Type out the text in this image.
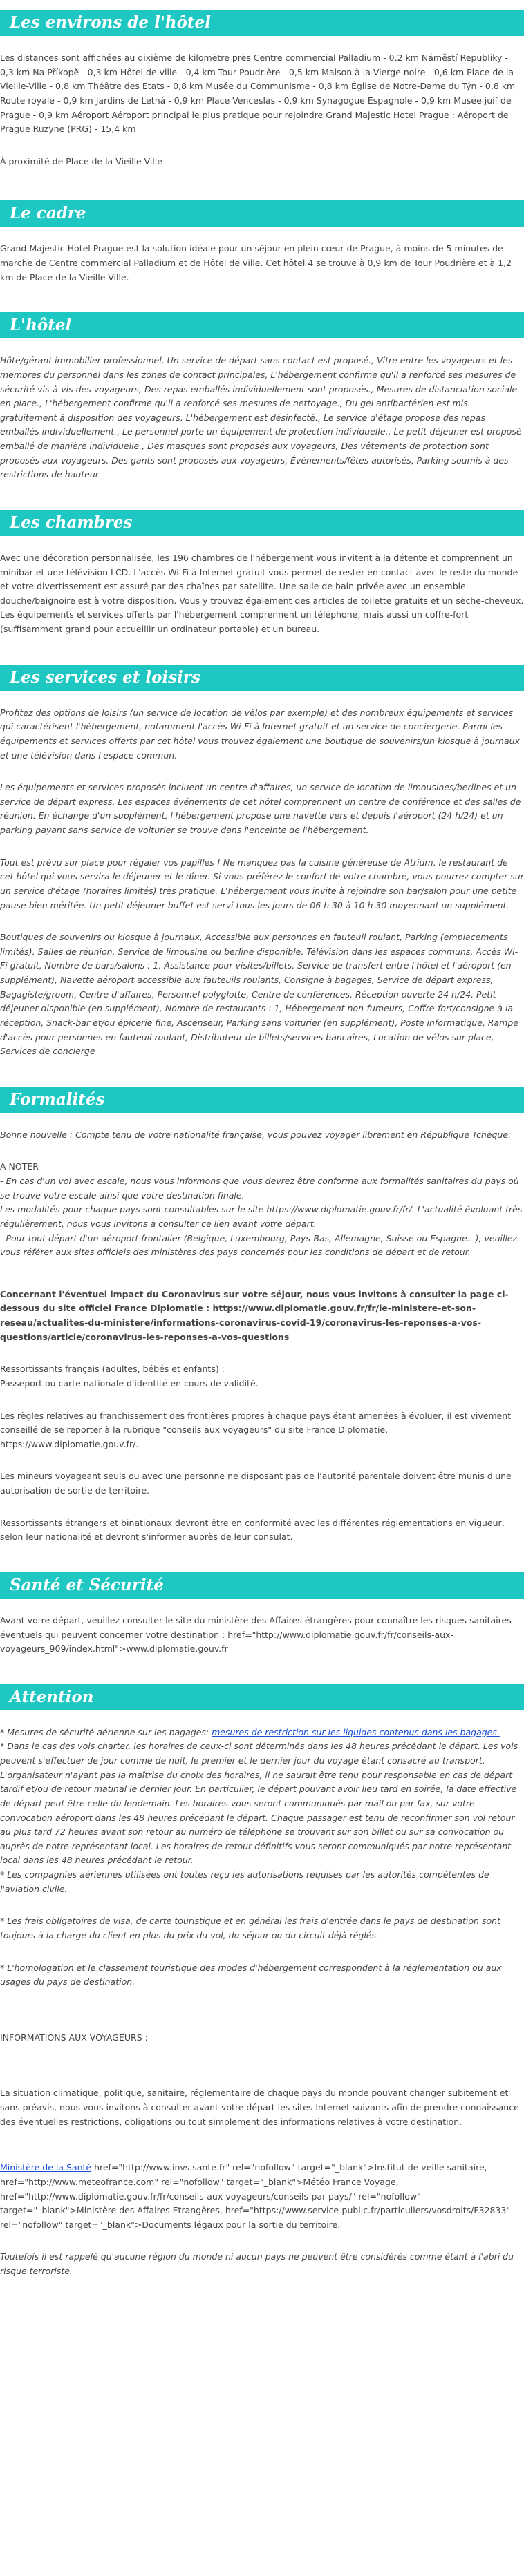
Les environs de l'hôtel
Les distances sont affichées au dixième de kilomètre près Centre commercial Palladium - 0,2 km Náměstí Republiky - 0,3 km Na Příkopě - 0,3 km Hôtel de ville - 0,4 km Tour Poudrière - 0,5 km Maison à la Vierge noire - 0,6 km Place de la Vieille-Ville - 0,8 km Théâtre des Etats - 0,8 km Musée du Communisme - 0,8 km Église de Notre-Dame du Týn - 0,8 km Route royale - 0,9 km Jardins de Letná - 0,9 km Place Venceslas - 0,9 km Synagogue Espagnole - 0,9 km Musée juif de Prague - 0,9 km Aéroport Aéroport principal le plus pratique pour rejoindre Grand Majestic Hotel Prague : Aéroport de Prague Ruzyne (PRG) - 15,4 km
À proximité de Place de la Vieille-Ville
Le cadre
Grand Majestic Hotel Prague est la solution idéale pour un séjour en plein cœur de Prague, à moins de 5 minutes de marche de Centre commercial Palladium et de Hôtel de ville. Cet hôtel 4 se trouve à 0,9 km de Tour Poudrière et à 1,2 km de Place de la Vieille-Ville.
L'hôtel
Hôte/gérant immobilier professionnel, Un service de départ sans contact est proposé., Vitre entre les voyageurs et les membres du personnel dans les zones de contact principales, L'hébergement confirme qu'il a renforcé ses mesures de sécurité vis-à-vis des voyageurs, Des repas emballés individuellement sont proposés., Mesures de distanciation sociale en place., L'hébergement confirme qu'il a renforcé ses mesures de nettoyage., Du gel antibactérien est mis gratuitement à disposition des voyageurs, L'hébergement est désinfecté., Le service d'étage propose des repas emballés individuellement., Le personnel porte un équipement de protection individuelle., Le petit-déjeuner est proposé emballé de manière individuelle., Des masques sont proposés aux voyageurs, Des vêtements de protection sont proposés aux voyageurs, Des gants sont proposés aux voyageurs, Événements/fêtes autorisés, Parking soumis à des restrictions de hauteur
Les chambres
Avec une décoration personnalisée, les 196 chambres de l'hébergement vous invitent à la détente et comprennent un minibar et une télévision LCD. L'accès Wi-Fi à Internet gratuit vous permet de rester en contact avec le reste du monde et votre divertissement est assuré par des chaînes par satellite. Une salle de bain privée avec un ensemble douche/baignoire est à votre disposition. Vous y trouvez également des articles de toilette gratuits et un sèche-cheveux. Les équipements et services offerts par l'hébergement comprennent un téléphone, mais aussi un coffre-fort (suffisamment grand pour accueillir un ordinateur portable) et un bureau.
Les services et loisirs
Profitez des options de loisirs (un service de location de vélos par exemple) et des nombreux équipements et services qui caractérisent l'hébergement, notamment l'accès Wi-Fi à Internet gratuit et un service de conciergerie. Parmi les équipements et services offerts par cet hôtel vous trouvez également une boutique de souvenirs/un kiosque à journaux et une télévision dans l'espace commun.
Les équipements et services proposés incluent un centre d'affaires, un service de location de limousines/berlines et un service de départ express. Les espaces événements de cet hôtel comprennent un centre de conférence et des salles de réunion. En échange d'un supplément, l'hébergement propose une navette vers et depuis l'aéroport (24 h/24) et un parking payant sans service de voiturier se trouve dans l'enceinte de l'hébergement.
Tout est prévu sur place pour régaler vos papilles ! Ne manquez pas la cuisine généreuse de Atrium, le restaurant de cet hôtel qui vous servira le déjeuner et le dîner. Si vous préférez le confort de votre chambre, vous pourrez compter sur un service d'étage (horaires limités) très pratique. L'hébergement vous invite à rejoindre son bar/salon pour une petite pause bien méritée. Un petit déjeuner buffet est servi tous les jours de 06 h 30 à 10 h 30 moyennant un supplément.
Boutiques de souvenirs ou kiosque à journaux, Accessible aux personnes en fauteuil roulant, Parking (emplacements limités), Salles de réunion, Service de limousine ou berline disponible, Télévision dans les espaces communs, Accès Wi-Fi gratuit, Nombre de bars/salons : 1, Assistance pour visites/billets, Service de transfert entre l'hôtel et l'aéroport (en supplément), Navette aéroport accessible aux fauteuils roulants, Consigne à bagages, Service de départ express, Bagagiste/groom, Centre d'affaires, Personnel polyglotte, Centre de conférences, Réception ouverte 24 h/24, Petit-déjeuner disponible (en supplément), Nombre de restaurants : 1, Hébergement non-fumeurs, Coffre-fort/consigne à la réception, Snack-bar et/ou épicerie fine, Ascenseur, Parking sans voiturier (en supplément), Poste informatique, Rampe d'accès pour personnes en fauteuil roulant, Distributeur de billets/services bancaires, Location de vélos sur place, Services de concierge
Formalités
Bonne nouvelle : Compte tenu de votre nationalité française, vous pouvez voyager librement en République Tchèque.
A NOTER
- En cas d'un vol avec escale, nous vous informons que vous devrez être conforme aux formalités sanitaires du pays où se trouve votre escale ainsi que votre destination finale.
Les modalités pour chaque pays sont consultables sur le site https://www.diplomatie.gouv.fr/fr/. L'actualité évoluant très régulièrement, nous vous invitons à consulter ce lien avant votre départ.
- Pour tout départ d'un aéroport frontalier (Belgique, Luxembourg, Pays-Bas, Allemagne, Suisse ou Espagne...), veuillez vous référer aux sites officiels des ministères des pays concernés pour les conditions de départ et de retour.
Concernant l'éventuel impact du Coronavirus sur votre séjour, nous vous invitons à consulter la page ci-dessous du site officiel France Diplomatie : https://www.diplomatie.gouv.fr/fr/le-ministere-et-son-reseau/actualites-du-ministere/informations-coronavirus-covid-19/coronavirus-les-reponses-a-vos-questions/article/coronavirus-les-reponses-a-vos-questions
Ressortissants français (adultes, bébés et enfants) :
Passeport ou carte nationale d'identité en cours de validité.
Les règles relatives au franchissement des frontières propres à chaque pays étant amenées à évoluer, il est vivement conseillé de se reporter à la rubrique "conseils aux voyageurs" du site France Diplomatie, https://www.diplomatie.gouv.fr/.
Les mineurs voyageant seuls ou avec une personne ne disposant pas de l'autorité parentale doivent être munis d'une autorisation de sortie de territoire.
Ressortissants étrangers et binationaux devront être en conformité avec les différentes réglementations en vigueur, selon leur nationalité et devront s'informer auprès de leur consulat.
Santé et Sécurité
Avant votre départ, veuillez consulter le site du ministère des Affaires étrangères pour connaître les risques sanitaires éventuels qui peuvent concerner votre destination : href="http://www.diplomatie.gouv.fr/fr/conseils-aux-voyageurs_909/index.html">www.diplomatie.gouv.fr
Attention
* Mesures de sécurité aérienne sur les bagages: mesures de restriction sur les liquides contenus dans les bagages.
* Dans le cas des vols charter, les horaires de ceux-ci sont déterminés dans les 48 heures précédant le départ. Les vols peuvent s'effectuer de jour comme de nuit, le premier et le dernier jour du voyage étant consacré au transport. L'organisateur n'ayant pas la maîtrise du choix des horaires, il ne saurait être tenu pour responsable en cas de départ tardif et/ou de retour matinal le dernier jour. En particulier, le départ pouvant avoir lieu tard en soirée, la date effective de départ peut être celle du lendemain. Les horaires vous seront communiqués par mail ou par fax, sur votre convocation aéroport dans les 48 heures précédant le départ. Chaque passager est tenu de reconfirmer son vol retour au plus tard 72 heures avant son retour au numéro de téléphone se trouvant sur son billet ou sur sa convocation ou auprès de notre représentant local. Les horaires de retour définitifs vous seront communiqués par notre représentant local dans les 48 heures précédant le retour.
* Les compagnies aériennes utilisées ont toutes reçu les autorisations requises par les autorités compétentes de l'aviation civile.
* Les frais obligatoires de visa, de carte touristique et en général les frais d'entrée dans le pays de destination sont toujours à la charge du client en plus du prix du vol, du séjour ou du circuit déjà réglés.
* L'homologation et le classement touristique des modes d'hébergement correspondent à la réglementation ou aux usages du pays de destination.
INFORMATIONS AUX VOYAGEURS :
La situation climatique, politique, sanitaire, réglementaire de chaque pays du monde pouvant changer subitement et sans préavis, nous vous invitons à consulter avant votre départ les sites Internet suivants afin de prendre connaissance des éventuelles restrictions, obligations ou tout simplement des informations relatives à votre destination.
Ministère de la Santé href="http://www.invs.sante.fr" rel="nofollow" target="_blank">Institut de veille sanitaire, href="http://www.meteofrance.com" rel="nofollow" target="_blank">Météo France Voyage, href="http://www.diplomatie.gouv.fr/fr/conseils-aux-voyageurs/conseils-par-pays/" rel="nofollow" target="_blank">Ministère des Affaires Etrangères, href="https://www.service-public.fr/particuliers/vosdroits/F32833" rel="nofollow" target="_blank">Documents légaux pour la sortie du territoire.
Toutefois il est rappelé qu'aucune région du monde ni aucun pays ne peuvent être considérés comme étant à l'abri du risque terroriste.
